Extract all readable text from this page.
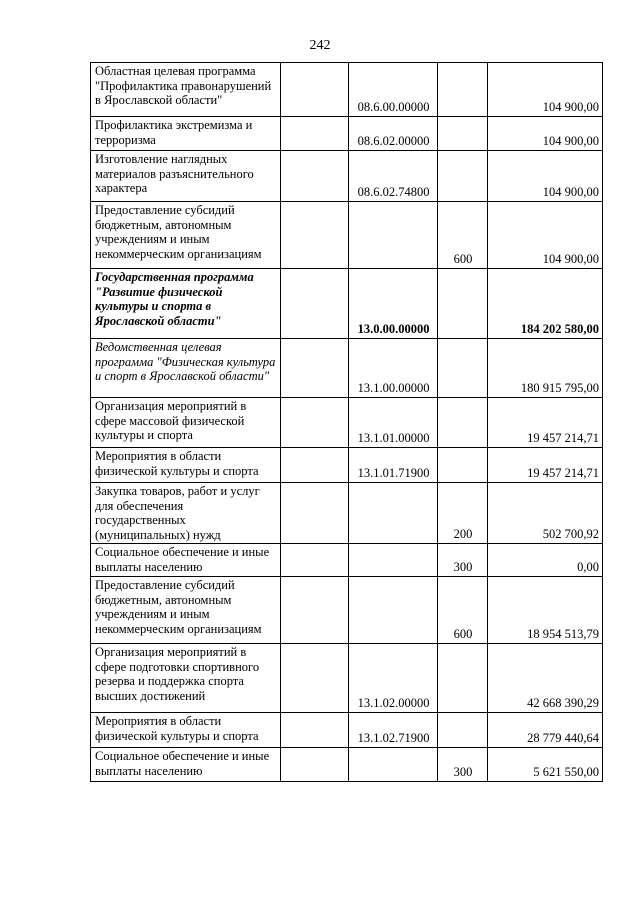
242
Областная целевая программа "Профилактика правонарушений в Ярославской области"		08.6.00.00000		104 900,00
Профилактика экстремизма и терроризма		08.6.02.00000		104 900,00
Изготовление наглядных материалов разъяснительного характера		08.6.02.74800		104 900,00
Предоставление субсидий бюджетным, автономным учреждениям и иным некоммерческим организациям			600	104 900,00
Государственная программа "Развитие физической культуры и спорта в Ярославской области"		13.0.00.00000		184 202 580,00
Ведомственная целевая программа "Физическая культура и спорт в Ярославской области"		13.1.00.00000		180 915 795,00
Организация мероприятий в сфере массовой физической культуры и спорта		13.1.01.00000		19 457 214,71
Мероприятия в области физической культуры и спорта		13.1.01.71900		19 457 214,71
Закупка товаров, работ и услуг для обеспечения государственных (муниципальных) нужд			200	502 700,92
Социальное обеспечение и иные выплаты населению			300	0,00
Предоставление субсидий бюджетным, автономным учреждениям и иным некоммерческим организациям			600	18 954 513,79
Организация мероприятий в сфере подготовки спортивного резерва и поддержка спорта высших достижений		13.1.02.00000		42 668 390,29
Мероприятия в области физической культуры и спорта		13.1.02.71900		28 779 440,64
Социальное обеспечение и иные выплаты населению			300	5 621 550,00
